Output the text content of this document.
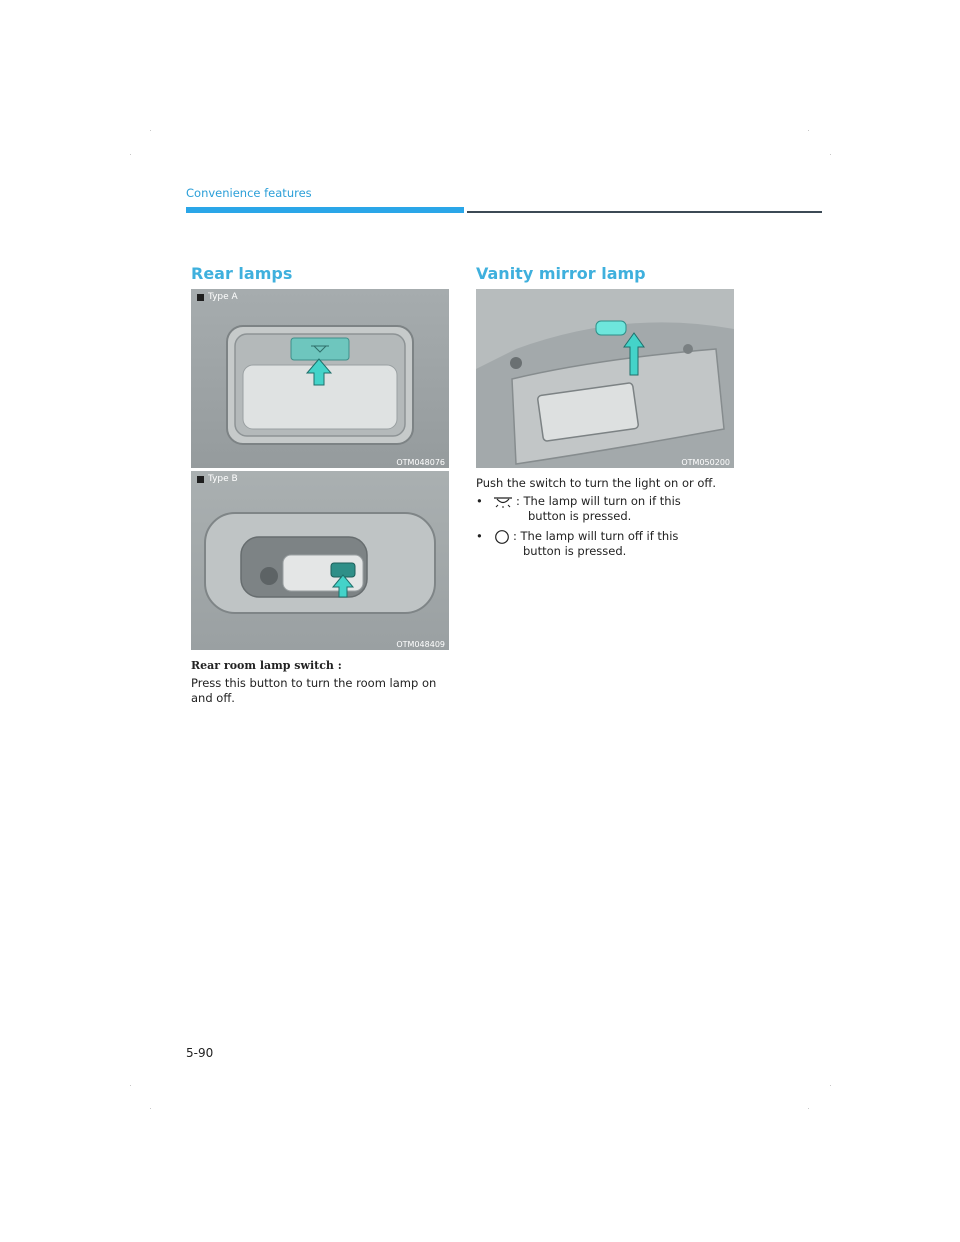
Convenience features
Rear lamps
Type A
OTM048076
Type B
OTM048409
Rear room lamp switch :
Press this button to turn the room lamp on and off.
Vanity mirror lamp
OTM050200
Push the switch to turn the light on or off.
•	: The lamp will turn on if this
button is pressed.
•	: The lamp will turn off if this
button is pressed.
5-90
